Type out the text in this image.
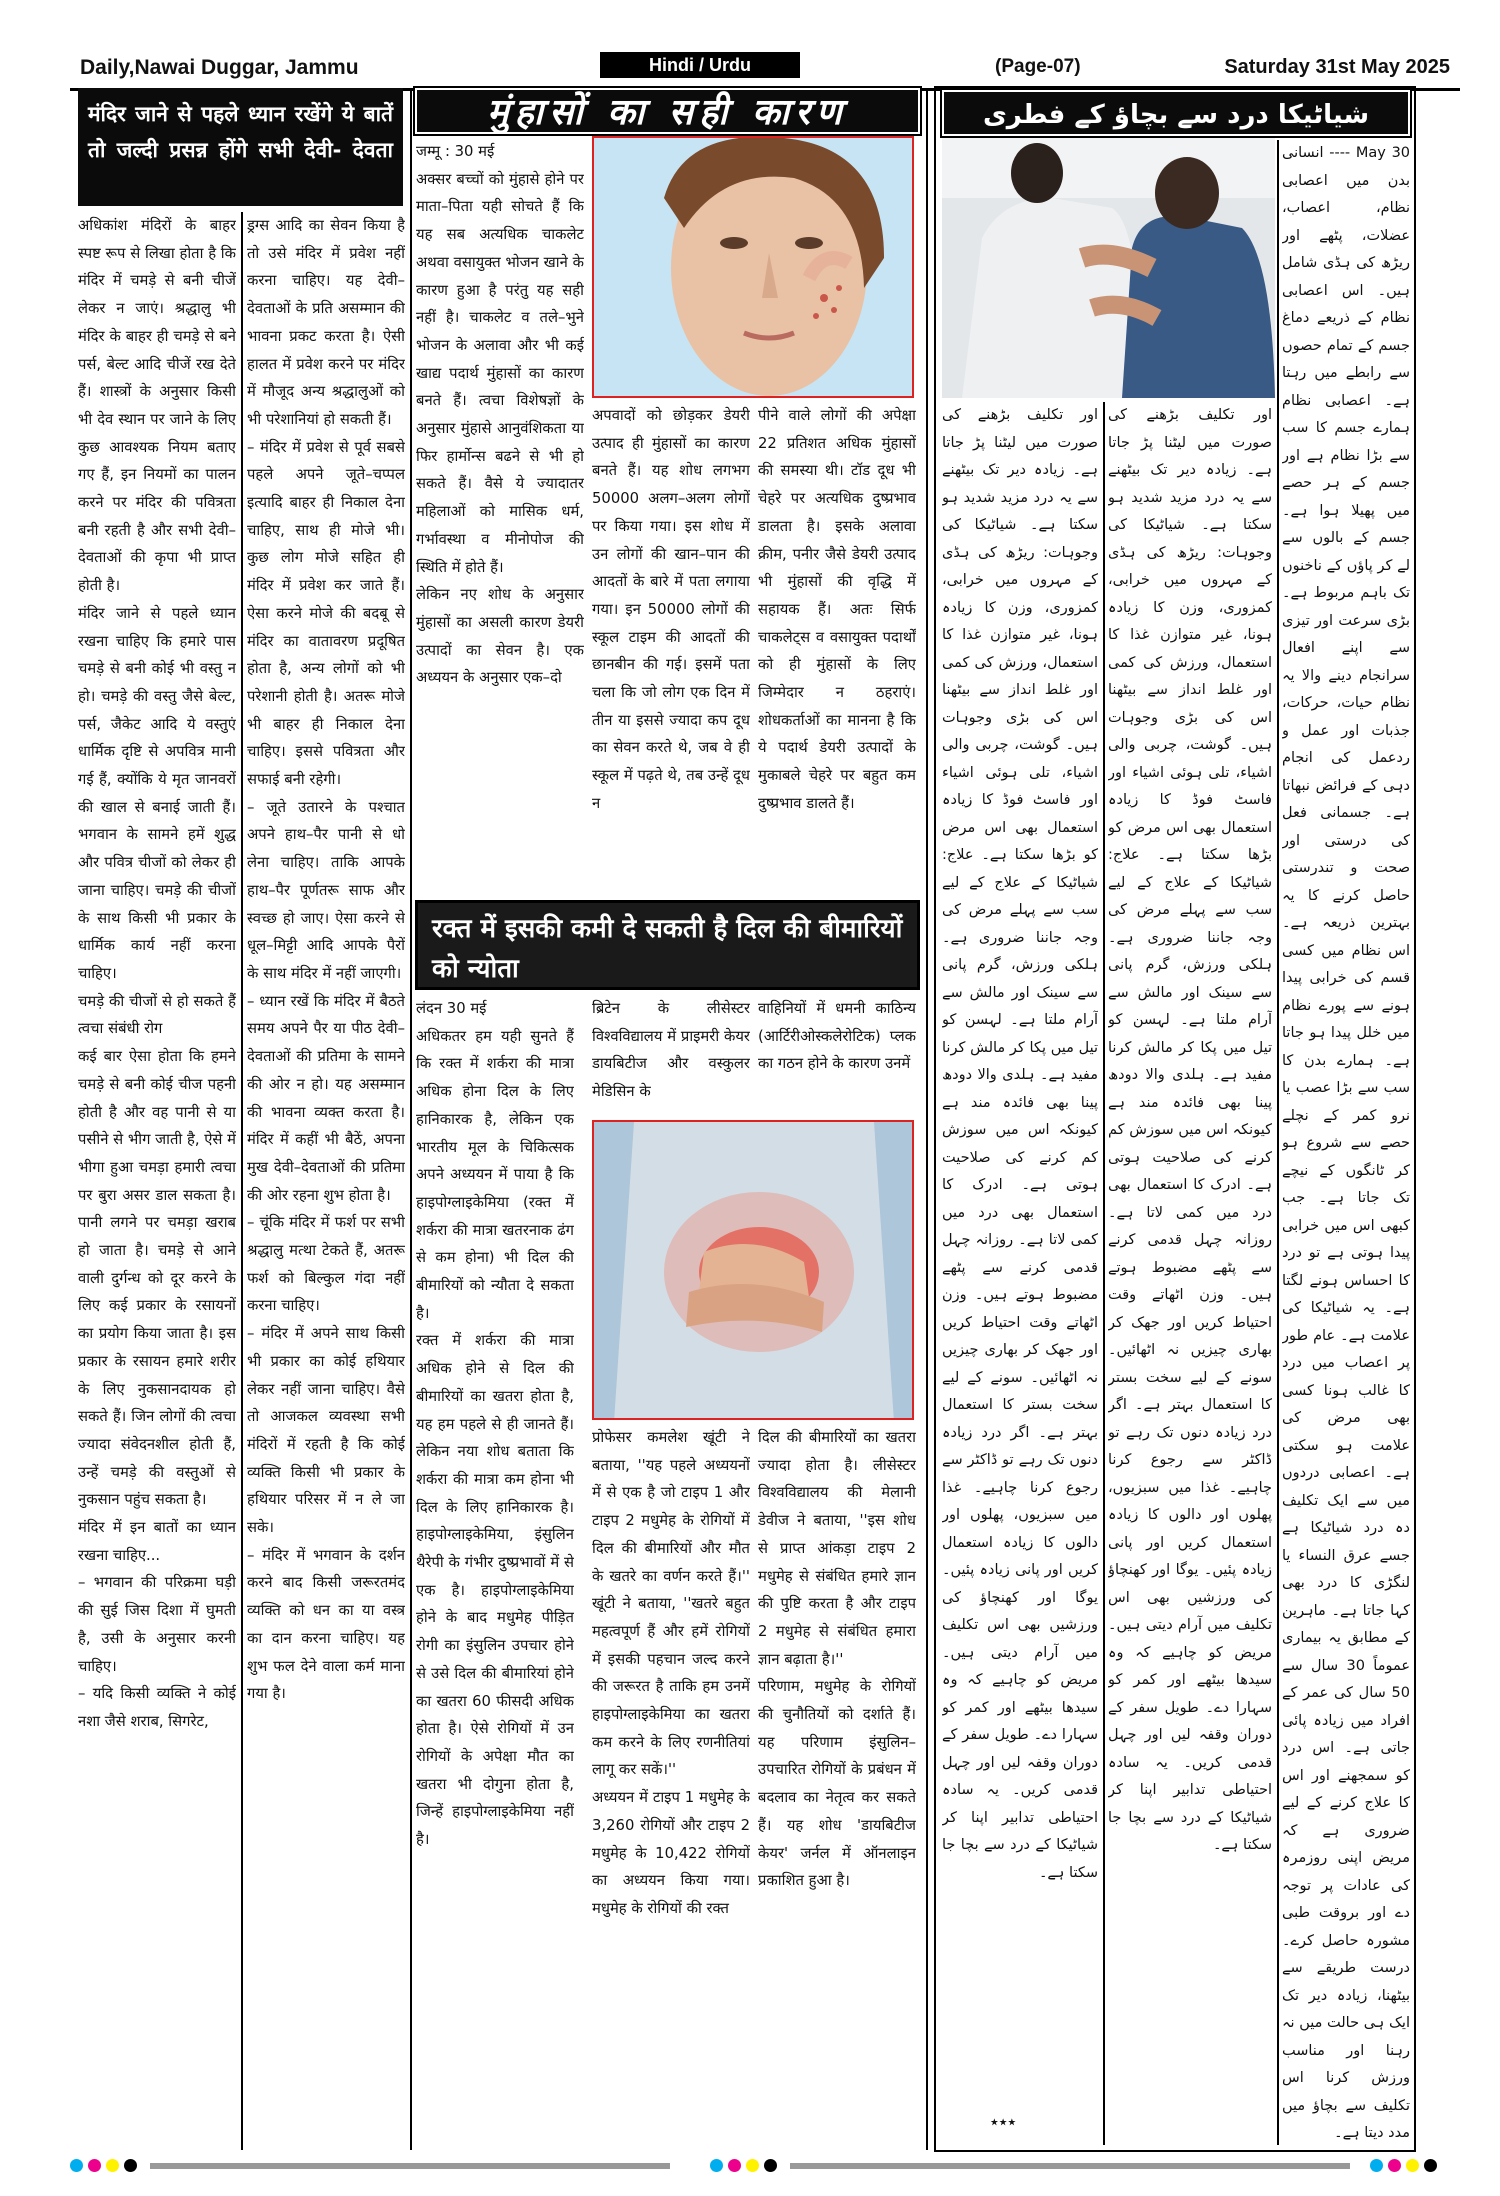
Daily,Nawai Duggar, Jammu	Hindi / Urdu	(Page-07)	Saturday 31st May 2025
मंदिर जाने से पहले ध्यान रखेंगे ये बातें तो जल्दी प्रसन्न होंगे सभी देवी- देवता
अधिकांश मंदिरों के बाहर स्पष्ट रूप से लिखा होता है कि मंदिर में चमड़े से बनी चीजें लेकर न जाएं। श्रद्धालु भी मंदिर के बाहर ही चमड़े से बने पर्स, बेल्ट आदि चीजें रख देते हैं। शास्त्रों के अनुसार किसी भी देव स्थान पर जाने के लिए कुछ आवश्यक नियम बताए गए हैं, इन नियमों का पालन करने पर मंदिर की पवित्रता बनी रहती है और सभी देवी–देवताओं की कृपा भी प्राप्त होती है।
मंदिर जाने से पहले ध्यान रखना चाहिए कि हमारे पास चमड़े से बनी कोई भी वस्तु न हो। चमड़े की वस्तु जैसे बेल्ट, पर्स, जैकेट आदि ये वस्तुएं धार्मिक दृष्टि से अपवित्र मानी गई हैं, क्योंकि ये मृत जानवरों की खाल से बनाई जाती हैं। भगवान के सामने हमें शुद्ध और पवित्र चीजों को लेकर ही जाना चाहिए। चमड़े की चीजों के साथ किसी भी प्रकार के धार्मिक कार्य नहीं करना चाहिए।
चमड़े की चीजों से हो सकते हैं त्वचा संबंधी रोग
कई बार ऐसा होता कि हमने चमड़े से बनी कोई चीज पहनी होती है और वह पानी से या पसीने से भीग जाती है, ऐसे में भीगा हुआ चमड़ा हमारी त्वचा पर बुरा असर डाल सकता है। पानी लगने पर चमड़ा खराब हो जाता है। चमड़े से आने वाली दुर्गन्ध को दूर करने के लिए कई प्रकार के रसायनों का प्रयोग किया जाता है। इस प्रकार के रसायन हमारे शरीर के लिए नुकसानदायक हो सकते हैं। जिन लोगों की त्वचा ज्यादा संवेदनशील होती हैं, उन्हें चमड़े की वस्तुओं से नुकसान पहुंच सकता है।
मंदिर में इन बातों का ध्यान रखना चाहिए...
– भगवान की परिक्रमा घड़ी की सुई जिस दिशा में घुमती है, उसी के अनुसार करनी चाहिए।
– यदि किसी व्यक्ति ने कोई नशा जैसे शराब, सिगरेट,
ड्रग्स आदि का सेवन किया है तो उसे मंदिर में प्रवेश नहीं करना चाहिए। यह देवी–देवताओं के प्रति असम्मान की भावना प्रकट करता है। ऐसी हालत में प्रवेश करने पर मंदिर में मौजूद अन्य श्रद्धालुओं को भी परेशानियां हो सकती हैं।
– मंदिर में प्रवेश से पूर्व सबसे पहले अपने जूते–चप्पल इत्यादि बाहर ही निकाल देना चाहिए, साथ ही मोजे भी। कुछ लोग मोजे सहित ही मंदिर में प्रवेश कर जाते हैं। ऐसा करने मोजे की बदबू से मंदिर का वातावरण प्रदूषित होता है, अन्य लोगों को भी परेशानी होती है। अतरू मोजे भी बाहर ही निकाल देना चाहिए। इससे पवित्रता और सफाई बनी रहेगी।
– जूते उतारने के पश्चात अपने हाथ–पैर पानी से धो लेना चाहिए। ताकि आपके हाथ–पैर पूर्णतरू साफ और स्वच्छ हो जाए। ऐसा करने से धूल–मिट्टी आदि आपके पैरों के साथ मंदिर में नहीं जाएगी।
– ध्यान रखें कि मंदिर में बैठते समय अपने पैर या पीठ देवी–देवताओं की प्रतिमा के सामने की ओर न हो। यह असम्मान की भावना व्यक्त करता है। मंदिर में कहीं भी बैठें, अपना मुख देवी–देवताओं की प्रतिमा की ओर रहना शुभ होता है।
– चूंकि मंदिर में फर्श पर सभी श्रद्धालु मत्था टेकते हैं, अतरू फर्श को बिल्कुल गंदा नहीं करना चाहिए।
– मंदिर में अपने साथ किसी भी प्रकार का कोई हथियार लेकर नहीं जाना चाहिए। वैसे तो आजकल व्यवस्था सभी मंदिरों में रहती है कि कोई व्यक्ति किसी भी प्रकार के हथियार परिसर में न ले जा सके।
– मंदिर में भगवान के दर्शन करने बाद किसी जरूरतमंद व्यक्ति को धन का या वस्त्र का दान करना चाहिए। यह शुभ फल देने वाला कर्म माना गया है।
मुंहासों का सही कारण
जम्मू : 30 मई
अक्सर बच्चों को मुंहासे होने पर माता–पिता यही सोचते हैं कि यह सब अत्यधिक चाकलेट अथवा वसायुक्त भोजन खाने के कारण हुआ है परंतु यह सही नहीं है। चाकलेट व तले–भुने भोजन के अलावा और भी कई खाद्य पदार्थ मुंहासों का कारण बनते हैं। त्वचा विशेषज्ञों के अनुसार मुंहासे आनुवंशिकता या फिर हार्मोन्स बढने से भी हो सकते हैं। वैसे ये ज्यादातर महिलाओं को मासिक धर्म, गर्भावस्था व मीनोपोज की स्थिति में होते हैं।
लेकिन नए शोध के अनुसार मुंहासों का असली कारण डेयरी उत्पादों का सेवन है। एक अध्ययन के अनुसार एक–दो
अपवादों को छोड़कर डेयरी उत्पाद ही मुंहासों का कारण बनते हैं। यह शोध लगभग 50000 अलग–अलग लोगों पर किया गया। इस शोध में उन लोगों की खान–पान की आदतों के बारे में पता लगाया गया। इन 50000 लोगों की स्कूल टाइम की आदतों की छानबीन की गई। इसमें पता चला कि जो लोग एक दिन में तीन या इससे ज्यादा कप दूध का सेवन करते थे, जब वे ही स्कूल में पढ़ते थे, तब उन्हें दूध न
पीने वाले लोगों की अपेक्षा 22 प्रतिशत अधिक मुंहासों की समस्या थी। टॉड दूध भी चेहरे पर अत्यधिक दुष्प्रभाव डालता है। इसके अलावा क्रीम, पनीर जैसे डेयरी उत्पाद भी मुंहासों की वृद्धि में सहायक हैं। अतः सिर्फ चाकलेट्स व वसायुक्त पदार्थों को ही मुंहासों के लिए जिम्मेदार न ठहराएं। शोधकर्ताओं का मानना है कि ये पदार्थ डेयरी उत्पादों के मुकाबले चेहरे पर बहुत कम दुष्प्रभाव डालते हैं।
रक्त में इसकी कमी दे सकती है दिल की बीमारियों को न्योता
लंदन 30 मई
अधिकतर हम यही सुनते हैं कि रक्त में शर्करा की मात्रा अधिक होना दिल के लिए हानिकारक है, लेकिन एक भारतीय मूल के चिकित्सक अपने अध्ययन में पाया है कि हाइपोग्लाइकेमिया (रक्त में शर्करा की मात्रा खतरनाक ढंग से कम होना) भी दिल की बीमारियों को न्यौता दे सकता है।
रक्त में शर्करा की मात्रा अधिक होने से दिल की बीमारियों का खतरा होता है, यह हम पहले से ही जानते हैं। लेकिन नया शोध बताता कि शर्करा की मात्रा कम होना भी दिल के लिए हानिकारक है। हाइपोग्लाइकेमिया, इंसुलिन थैरेपी के गंभीर दुष्प्रभावों में से एक है। हाइपोग्लाइकेमिया होने के बाद मधुमेह पीड़ित रोगी का इंसुलिन उपचार होने से उसे दिल की बीमारियां होने का खतरा 60 फीसदी अधिक होता है। ऐसे रोगियों में उन रोगियों के अपेक्षा मौत का खतरा भी दोगुना होता है, जिन्हें हाइपोग्लाइकेमिया नहीं है।
ब्रिटेन के लीसेस्टर विश्वविद्यालय में प्राइमरी केयर डायबिटीज और वस्कुलर मेडिसिन के
वाहिनियों में धमनी काठिन्य (आर्टिरीओस्कलेरोटिक) प्लक का गठन होने के कारण उनमें
प्रोफेसर कमलेश खूंटी ने बताया, ''यह पहले अध्ययनों में से एक है जो टाइप 1 और टाइप 2 मधुमेह के रोगियों में दिल की बीमारियों और मौत के खतरे का वर्णन करते हैं।'' खूंटी ने बताया, ''खतरे बहुत महत्वपूर्ण हैं और हमें रोगियों में इसकी पहचान जल्द करने की जरूरत है ताकि हम उनमें हाइपोग्लाइकेमिया का खतरा कम करने के लिए रणनीतियां लागू कर सकें।''
अध्ययन में टाइप 1 मधुमेह के 3,260 रोगियों और टाइप 2 मधुमेह के 10,422 रोगियों का अध्ययन किया गया। मधुमेह के रोगियों की रक्त
दिल की बीमारियों का खतरा ज्यादा होता है। लीसेस्टर विश्वविद्यालय की मेलानी डेवीज ने बताया, ''इस शोध से प्राप्त आंकड़ा टाइप 2 मधुमेह से संबंधित हमारे ज्ञान की पुष्टि करता है और टाइप 2 मधुमेह से संबंधित हमारा ज्ञान बढ़ाता है।''
परिणाम, मधुमेह के रोगियों की चुनौतियों को दर्शाते हैं। यह परिणाम इंसुलिन–उपचारित रोगियों के प्रबंधन में बदलाव का नेतृत्व कर सकते हैं। यह शोध 'डायबिटीज केयर' जर्नल में ऑनलाइन प्रकाशित हुआ है।
شیاٹیکا درد سے بچاؤ کے فطری
30 May ---- انسانی بدن میں اعصابی نظام، اعصاب، عضلات، پٹھے اور ریڑھ کی ہڈی شامل ہیں۔ اس اعصابی نظام کے ذریعے دماغ جسم کے تمام حصوں سے رابطے میں رہتا ہے۔ اعصابی نظام ہمارے جسم کا سب سے بڑا نظام ہے اور جسم کے ہر حصے میں پھیلا ہوا ہے۔ جسم کے بالوں سے لے کر پاؤں کے ناخنوں تک باہم مربوط ہے۔ بڑی سرعت اور تیزی سے اپنے افعال سرانجام دینے والا یہ نظام حیات، حرکات، جذبات اور عمل و ردعمل کی انجام دہی کے فرائض نبھاتا ہے۔ جسمانی فعل کی درستی اور صحت و تندرستی حاصل کرنے کا یہ بہترین ذریعہ ہے۔ اس نظام میں کسی قسم کی خرابی پیدا ہونے سے پورے نظام میں خلل پیدا ہو جاتا ہے۔ ہمارے بدن کا سب سے بڑا عصب یا نرو کمر کے نچلے حصے سے شروع ہو کر ٹانگوں کے نیچے تک جاتا ہے۔ جب کبھی اس میں خرابی پیدا ہوتی ہے تو درد کا احساس ہونے لگتا ہے۔ یہ شیاٹیکا کی علامت ہے۔ عام طور پر اعصاب میں درد کا غالب ہونا کسی بھی مرض کی علامت ہو سکتی ہے۔ اعصابی دردوں میں سے ایک تکلیف دہ درد شیاٹیکا ہے جسے عرق النساء یا لنگڑی کا درد بھی کہا جاتا ہے۔ ماہرین کے مطابق یہ بیماری عموماً 30 سال سے 50 سال کی عمر کے افراد میں زیادہ پائی جاتی ہے۔ اس درد کو سمجھنے اور اس کا علاج کرنے کے لیے ضروری ہے کہ مریض اپنی روزمرہ کی عادات پر توجہ دے اور بروقت طبی مشورہ حاصل کرے۔ درست طریقے سے بیٹھنا، زیادہ دیر تک ایک ہی حالت میں نہ رہنا اور مناسب ورزش کرنا اس تکلیف سے بچاؤ میں مدد دیتا ہے۔
اور تکلیف بڑھنے کی صورت میں لیٹنا پڑ جاتا ہے۔ زیادہ دیر تک بیٹھنے سے یہ درد مزید شدید ہو سکتا ہے۔ شیاٹیکا کی وجوہات: ریڑھ کی ہڈی کے مہروں میں خرابی، کمزوری، وزن کا زیادہ ہونا، غیر متوازن غذا کا استعمال، ورزش کی کمی اور غلط انداز سے بیٹھنا اس کی بڑی وجوہات ہیں۔ گوشت، چربی والی اشیاء، تلی ہوئی اشیاء اور فاسٹ فوڈ کا زیادہ استعمال بھی اس مرض کو بڑھا سکتا ہے۔ علاج: شیاٹیکا کے علاج کے لیے سب سے پہلے مرض کی وجہ جاننا ضروری ہے۔ ہلکی ورزش، گرم پانی سے سینک اور مالش سے آرام ملتا ہے۔ لہسن کو تیل میں پکا کر مالش کرنا مفید ہے۔ ہلدی والا دودھ پینا بھی فائدہ مند ہے کیونکہ اس میں سوزش کم کرنے کی صلاحیت ہوتی ہے۔ ادرک کا استعمال بھی درد میں کمی لاتا ہے۔ روزانہ چہل قدمی کرنے سے پٹھے مضبوط ہوتے ہیں۔ وزن اٹھاتے وقت احتیاط کریں اور جھک کر بھاری چیزیں نہ اٹھائیں۔ سونے کے لیے سخت بستر کا استعمال بہتر ہے۔ اگر درد زیادہ دنوں تک رہے تو ڈاکٹر سے رجوع کرنا چاہیے۔ غذا میں سبزیوں، پھلوں اور دالوں کا زیادہ استعمال کریں اور پانی زیادہ پئیں۔ یوگا اور کھنچاؤ کی ورزشیں بھی اس تکلیف میں آرام دیتی ہیں۔ مریض کو چاہیے کہ وہ سیدھا بیٹھے اور کمر کو سہارا دے۔ طویل سفر کے دوران وقفہ لیں اور چہل قدمی کریں۔ یہ سادہ احتیاطی تدابیر اپنا کر شیاٹیکا کے درد سے بچا جا سکتا ہے۔
اور تکلیف بڑھنے کی صورت میں لیٹنا پڑ جاتا ہے۔ زیادہ دیر تک بیٹھنے سے یہ درد مزید شدید ہو سکتا ہے۔ شیاٹیکا کی وجوہات: ریڑھ کی ہڈی کے مہروں میں خرابی، کمزوری، وزن کا زیادہ ہونا، غیر متوازن غذا کا استعمال، ورزش کی کمی اور غلط انداز سے بیٹھنا اس کی بڑی وجوہات ہیں۔ گوشت، چربی والی اشیاء، تلی ہوئی اشیاء اور فاسٹ فوڈ کا زیادہ استعمال بھی اس مرض کو بڑھا سکتا ہے۔ علاج: شیاٹیکا کے علاج کے لیے سب سے پہلے مرض کی وجہ جاننا ضروری ہے۔ ہلکی ورزش، گرم پانی سے سینک اور مالش سے آرام ملتا ہے۔ لہسن کو تیل میں پکا کر مالش کرنا مفید ہے۔ ہلدی والا دودھ پینا بھی فائدہ مند ہے کیونکہ اس میں سوزش کم کرنے کی صلاحیت ہوتی ہے۔ ادرک کا استعمال بھی درد میں کمی لاتا ہے۔ روزانہ چہل قدمی کرنے سے پٹھے مضبوط ہوتے ہیں۔ وزن اٹھاتے وقت احتیاط کریں اور جھک کر بھاری چیزیں نہ اٹھائیں۔ سونے کے لیے سخت بستر کا استعمال بہتر ہے۔ اگر درد زیادہ دنوں تک رہے تو ڈاکٹر سے رجوع کرنا چاہیے۔ غذا میں سبزیوں، پھلوں اور دالوں کا زیادہ استعمال کریں اور پانی زیادہ پئیں۔ یوگا اور کھنچاؤ کی ورزشیں بھی اس تکلیف میں آرام دیتی ہیں۔ مریض کو چاہیے کہ وہ سیدھا بیٹھے اور کمر کو سہارا دے۔ طویل سفر کے دوران وقفہ لیں اور چہل قدمی کریں۔ یہ سادہ احتیاطی تدابیر اپنا کر شیاٹیکا کے درد سے بچا جا سکتا ہے۔
٭٭٭
